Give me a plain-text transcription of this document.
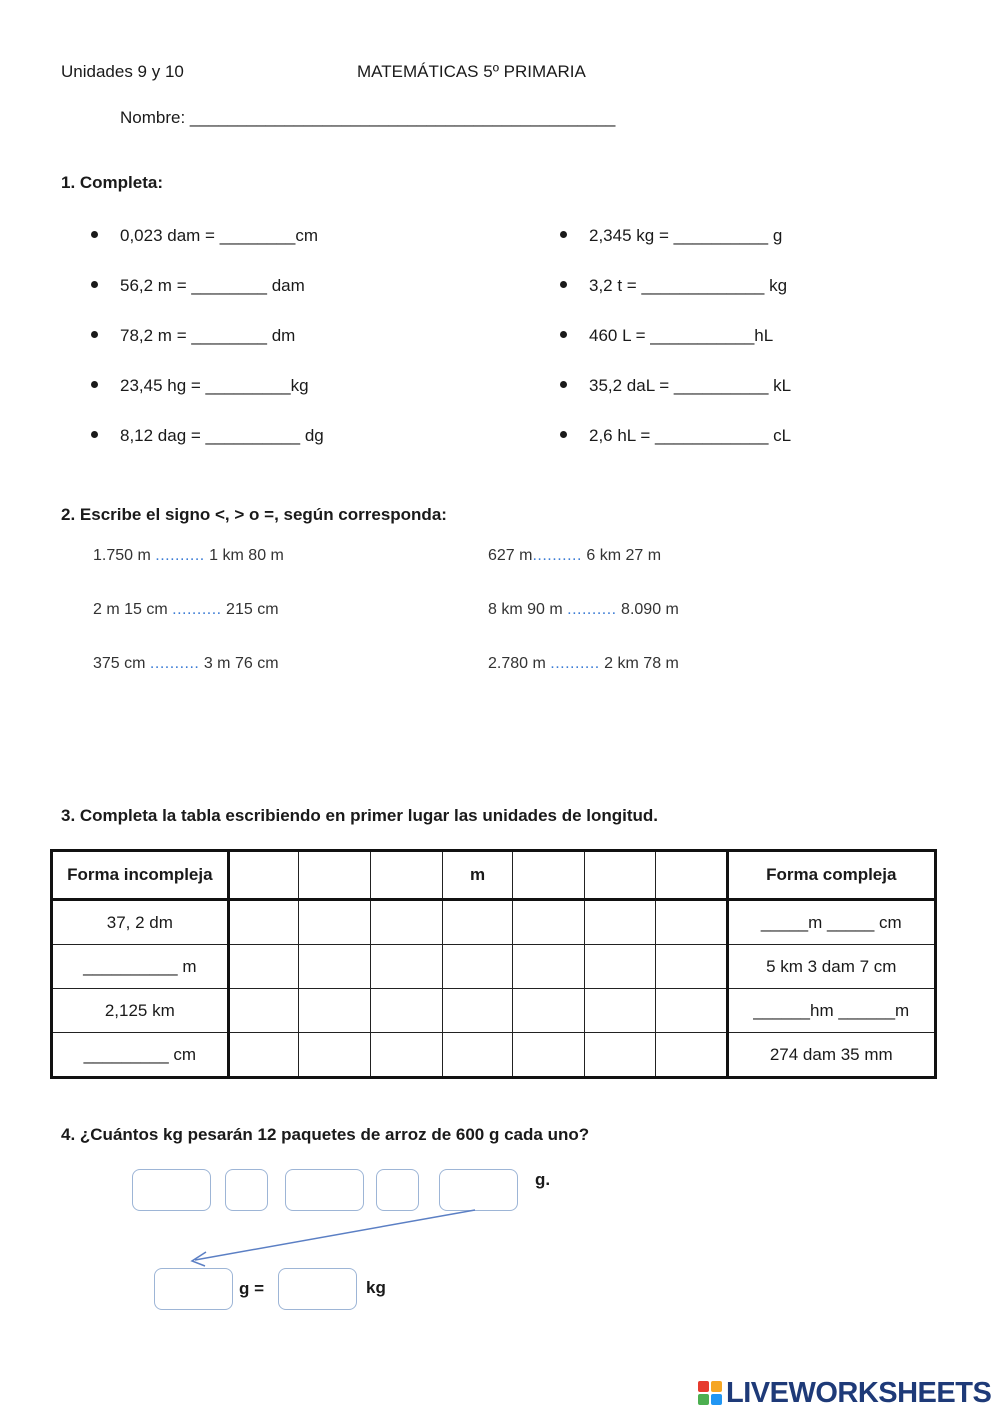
Unidades 9 y 10	MATEMÁTICAS 5º PRIMARIA
Nombre: _____________________________________________
1. Completa:
0,023 dam = ________cm
56,2 m = ________ dam
78,2 m = ________ dm
23,45 hg = _________kg
8,12 dag = __________ dg
2,345 kg = __________ g
3,2 t = _____________ kg
460 L = ___________hL
35,2 daL = __________ kL
2,6 hL = ____________ cL
2. Escribe el signo <, > o =, según corresponda:
1.750 m .......... 1 km 80 m	627 m.......... 6 km 27 m
2 m 15 cm .......... 215 cm	8 km 90 m .......... 8.090 m
375 cm .......... 3 m 76 cm	2.780 m .......... 2 km 78 m
3. Completa la tabla escribiendo en primer lugar las unidades de longitud.
Forma incompleja				m				Forma compleja
37, 2 dm								_____m _____ cm
__________ m								5 km 3 dam 7 cm
2,125 km								______hm ______m
_________ cm								274 dam 35 mm
4. ¿Cuántos kg pesarán 12 paquetes de arroz de 600 g cada uno?
g.
g =	kg
LIVEWORKSHEETS
